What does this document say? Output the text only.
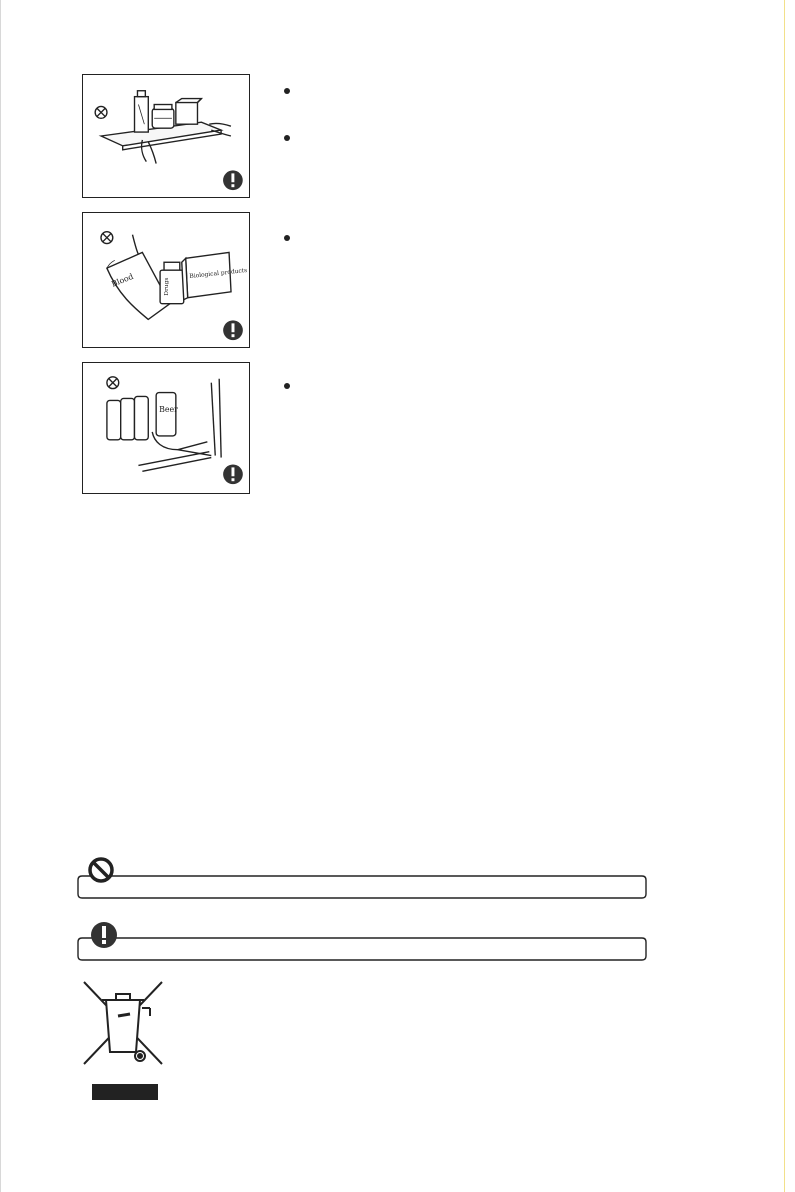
Blood	Drugs
Biological products
Beer
